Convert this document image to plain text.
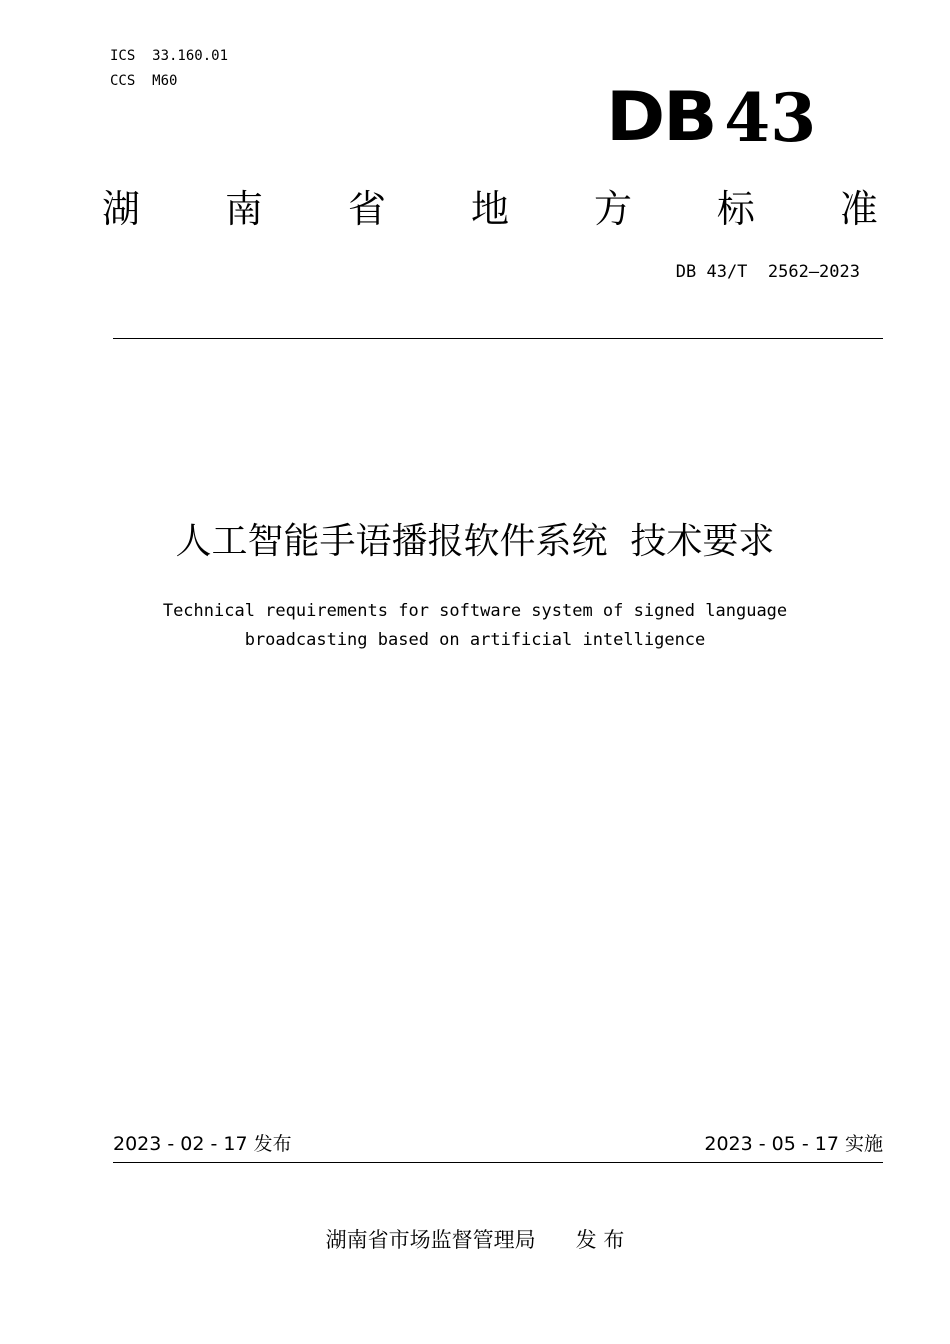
ICS  33.160.01
CCS  M60	DB 43
湖 南 省 地 方 标 准
DB 43/T  2562—2023
人工智能手语播报软件系统  技术要求
Technical requirements for software system of signed language
broadcasting based on artificial intelligence
2023 - 02 - 17 发布	2023 - 05 - 17 实施
湖南省市场监督管理局      发 布
